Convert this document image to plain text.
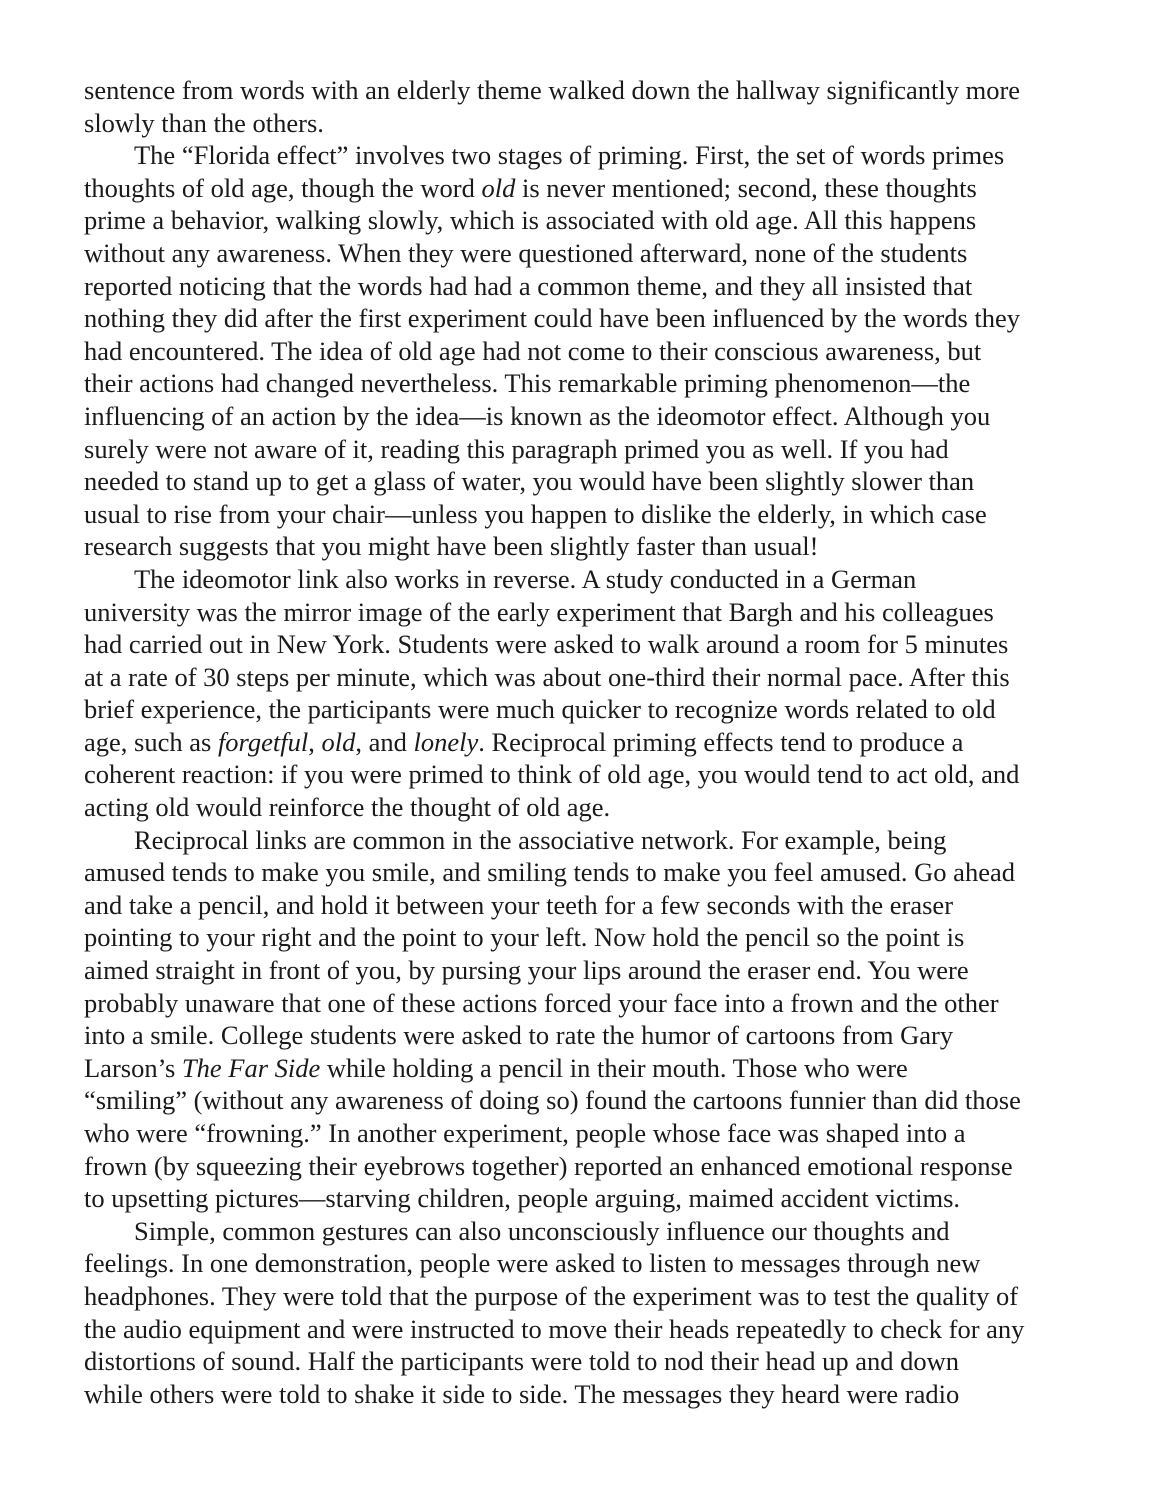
sentence from words with an elderly theme walked down the hallway significantly more
slowly than the others.
The “Florida effect” involves two stages of priming. First, the set of words primes
thoughts of old age, though the word old is never mentioned; second, these thoughts
prime a behavior, walking slowly, which is associated with old age. All this happens
without any awareness. When they were questioned afterward, none of the students
reported noticing that the words had had a common theme, and they all insisted that
nothing they did after the first experiment could have been influenced by the words they
had encountered. The idea of old age had not come to their conscious awareness, but
their actions had changed nevertheless. This remarkable priming phenomenon—the
influencing of an action by the idea—is known as the ideomotor effect. Although you
surely were not aware of it, reading this paragraph primed you as well. If you had
needed to stand up to get a glass of water, you would have been slightly slower than
usual to rise from your chair—unless you happen to dislike the elderly, in which case
research suggests that you might have been slightly faster than usual!
The ideomotor link also works in reverse. A study conducted in a German
university was the mirror image of the early experiment that Bargh and his colleagues
had carried out in New York. Students were asked to walk around a room for 5 minutes
at a rate of 30 steps per minute, which was about one-third their normal pace. After this
brief experience, the participants were much quicker to recognize words related to old
age, such as forgetful, old, and lonely. Reciprocal priming effects tend to produce a
coherent reaction: if you were primed to think of old age, you would tend to act old, and
acting old would reinforce the thought of old age.
Reciprocal links are common in the associative network. For example, being
amused tends to make you smile, and smiling tends to make you feel amused. Go ahead
and take a pencil, and hold it between your teeth for a few seconds with the eraser
pointing to your right and the point to your left. Now hold the pencil so the point is
aimed straight in front of you, by pursing your lips around the eraser end. You were
probably unaware that one of these actions forced your face into a frown and the other
into a smile. College students were asked to rate the humor of cartoons from Gary
Larson’s The Far Side while holding a pencil in their mouth. Those who were
“smiling” (without any awareness of doing so) found the cartoons funnier than did those
who were “frowning.” In another experiment, people whose face was shaped into a
frown (by squeezing their eyebrows together) reported an enhanced emotional response
to upsetting pictures—starving children, people arguing, maimed accident victims.
Simple, common gestures can also unconsciously influence our thoughts and
feelings. In one demonstration, people were asked to listen to messages through new
headphones. They were told that the purpose of the experiment was to test the quality of
the audio equipment and were instructed to move their heads repeatedly to check for any
distortions of sound. Half the participants were told to nod their head up and down
while others were told to shake it side to side. The messages they heard were radio
